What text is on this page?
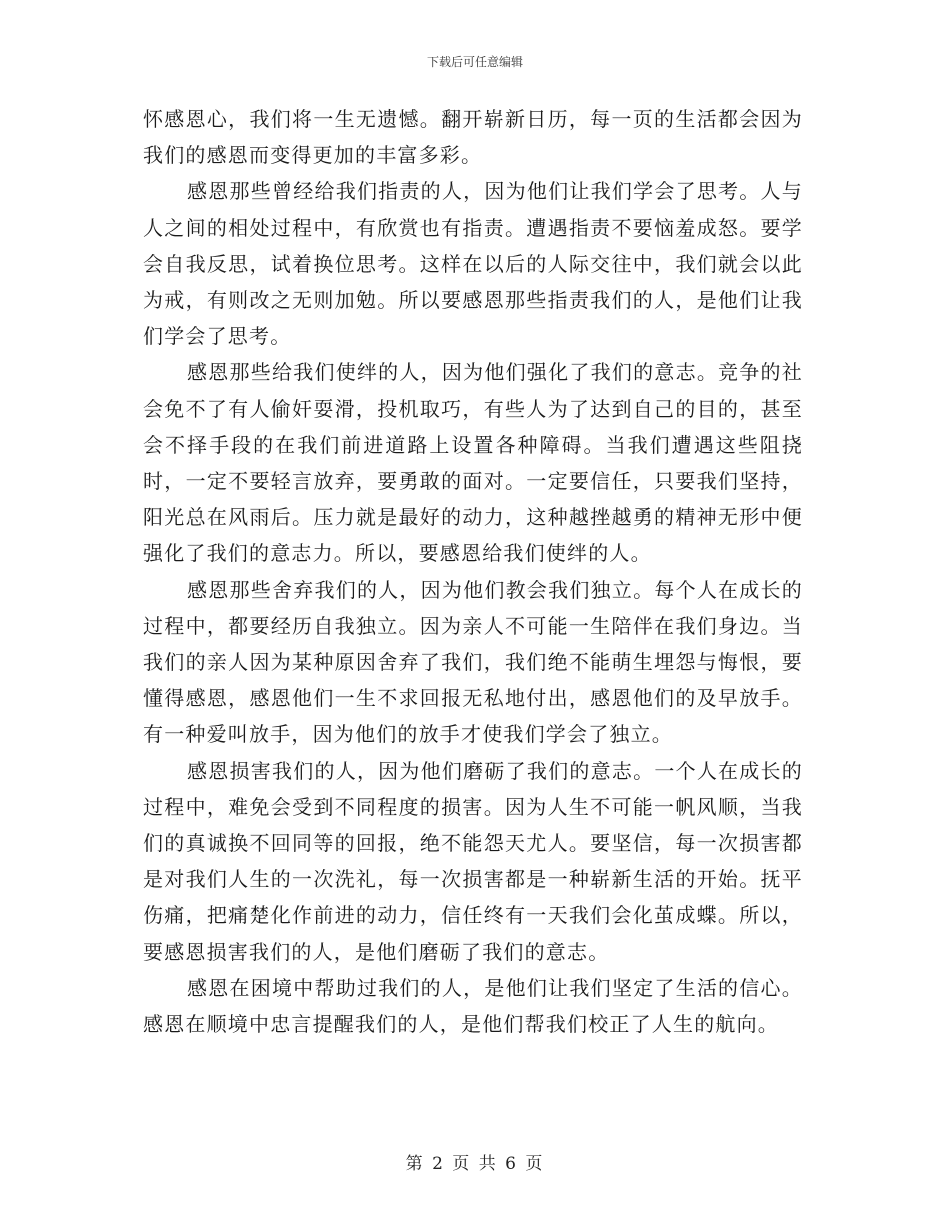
下载后可任意编辑

怀感恩心，我们将一生无遗憾。翻开崭新日历，每一页的生活都会因为我们的感恩而变得更加的丰富多彩。

感恩那些曾经给我们指责的人，因为他们让我们学会了思考。人与人之间的相处过程中，有欣赏也有指责。遭遇指责不要恼羞成怒。要学会自我反思，试着换位思考。这样在以后的人际交往中，我们就会以此为戒，有则改之无则加勉。所以要感恩那些指责我们的人，是他们让我们学会了思考。

感恩那些给我们使绊的人，因为他们强化了我们的意志。竞争的社会免不了有人偷奸耍滑，投机取巧，有些人为了达到自己的目的，甚至会不择手段的在我们前进道路上设置各种障碍。当我们遭遇这些阻挠时，一定不要轻言放弃，要勇敢的面对。一定要信任，只要我们坚持，阳光总在风雨后。压力就是最好的动力，这种越挫越勇的精神无形中便强化了我们的意志力。所以，要感恩给我们使绊的人。

感恩那些舍弃我们的人，因为他们教会我们独立。每个人在成长的过程中，都要经历自我独立。因为亲人不可能一生陪伴在我们身边。当我们的亲人因为某种原因舍弃了我们，我们绝不能萌生埋怨与悔恨，要懂得感恩，感恩他们一生不求回报无私地付出，感恩他们的及早放手。有一种爱叫放手，因为他们的放手才使我们学会了独立。

感恩损害我们的人，因为他们磨砺了我们的意志。一个人在成长的过程中，难免会受到不同程度的损害。因为人生不可能一帆风顺，当我们的真诚换不回同等的回报，绝不能怨天尤人。要坚信，每一次损害都是对我们人生的一次洗礼，每一次损害都是一种崭新生活的开始。抚平伤痛，把痛楚化作前进的动力，信任终有一天我们会化茧成蝶。所以，要感恩损害我们的人，是他们磨砺了我们的意志。

感恩在困境中帮助过我们的人，是他们让我们坚定了生活的信心。感恩在顺境中忠言提醒我们的人，是他们帮我们校正了人生的航向。

第 2 页 共 6 页
